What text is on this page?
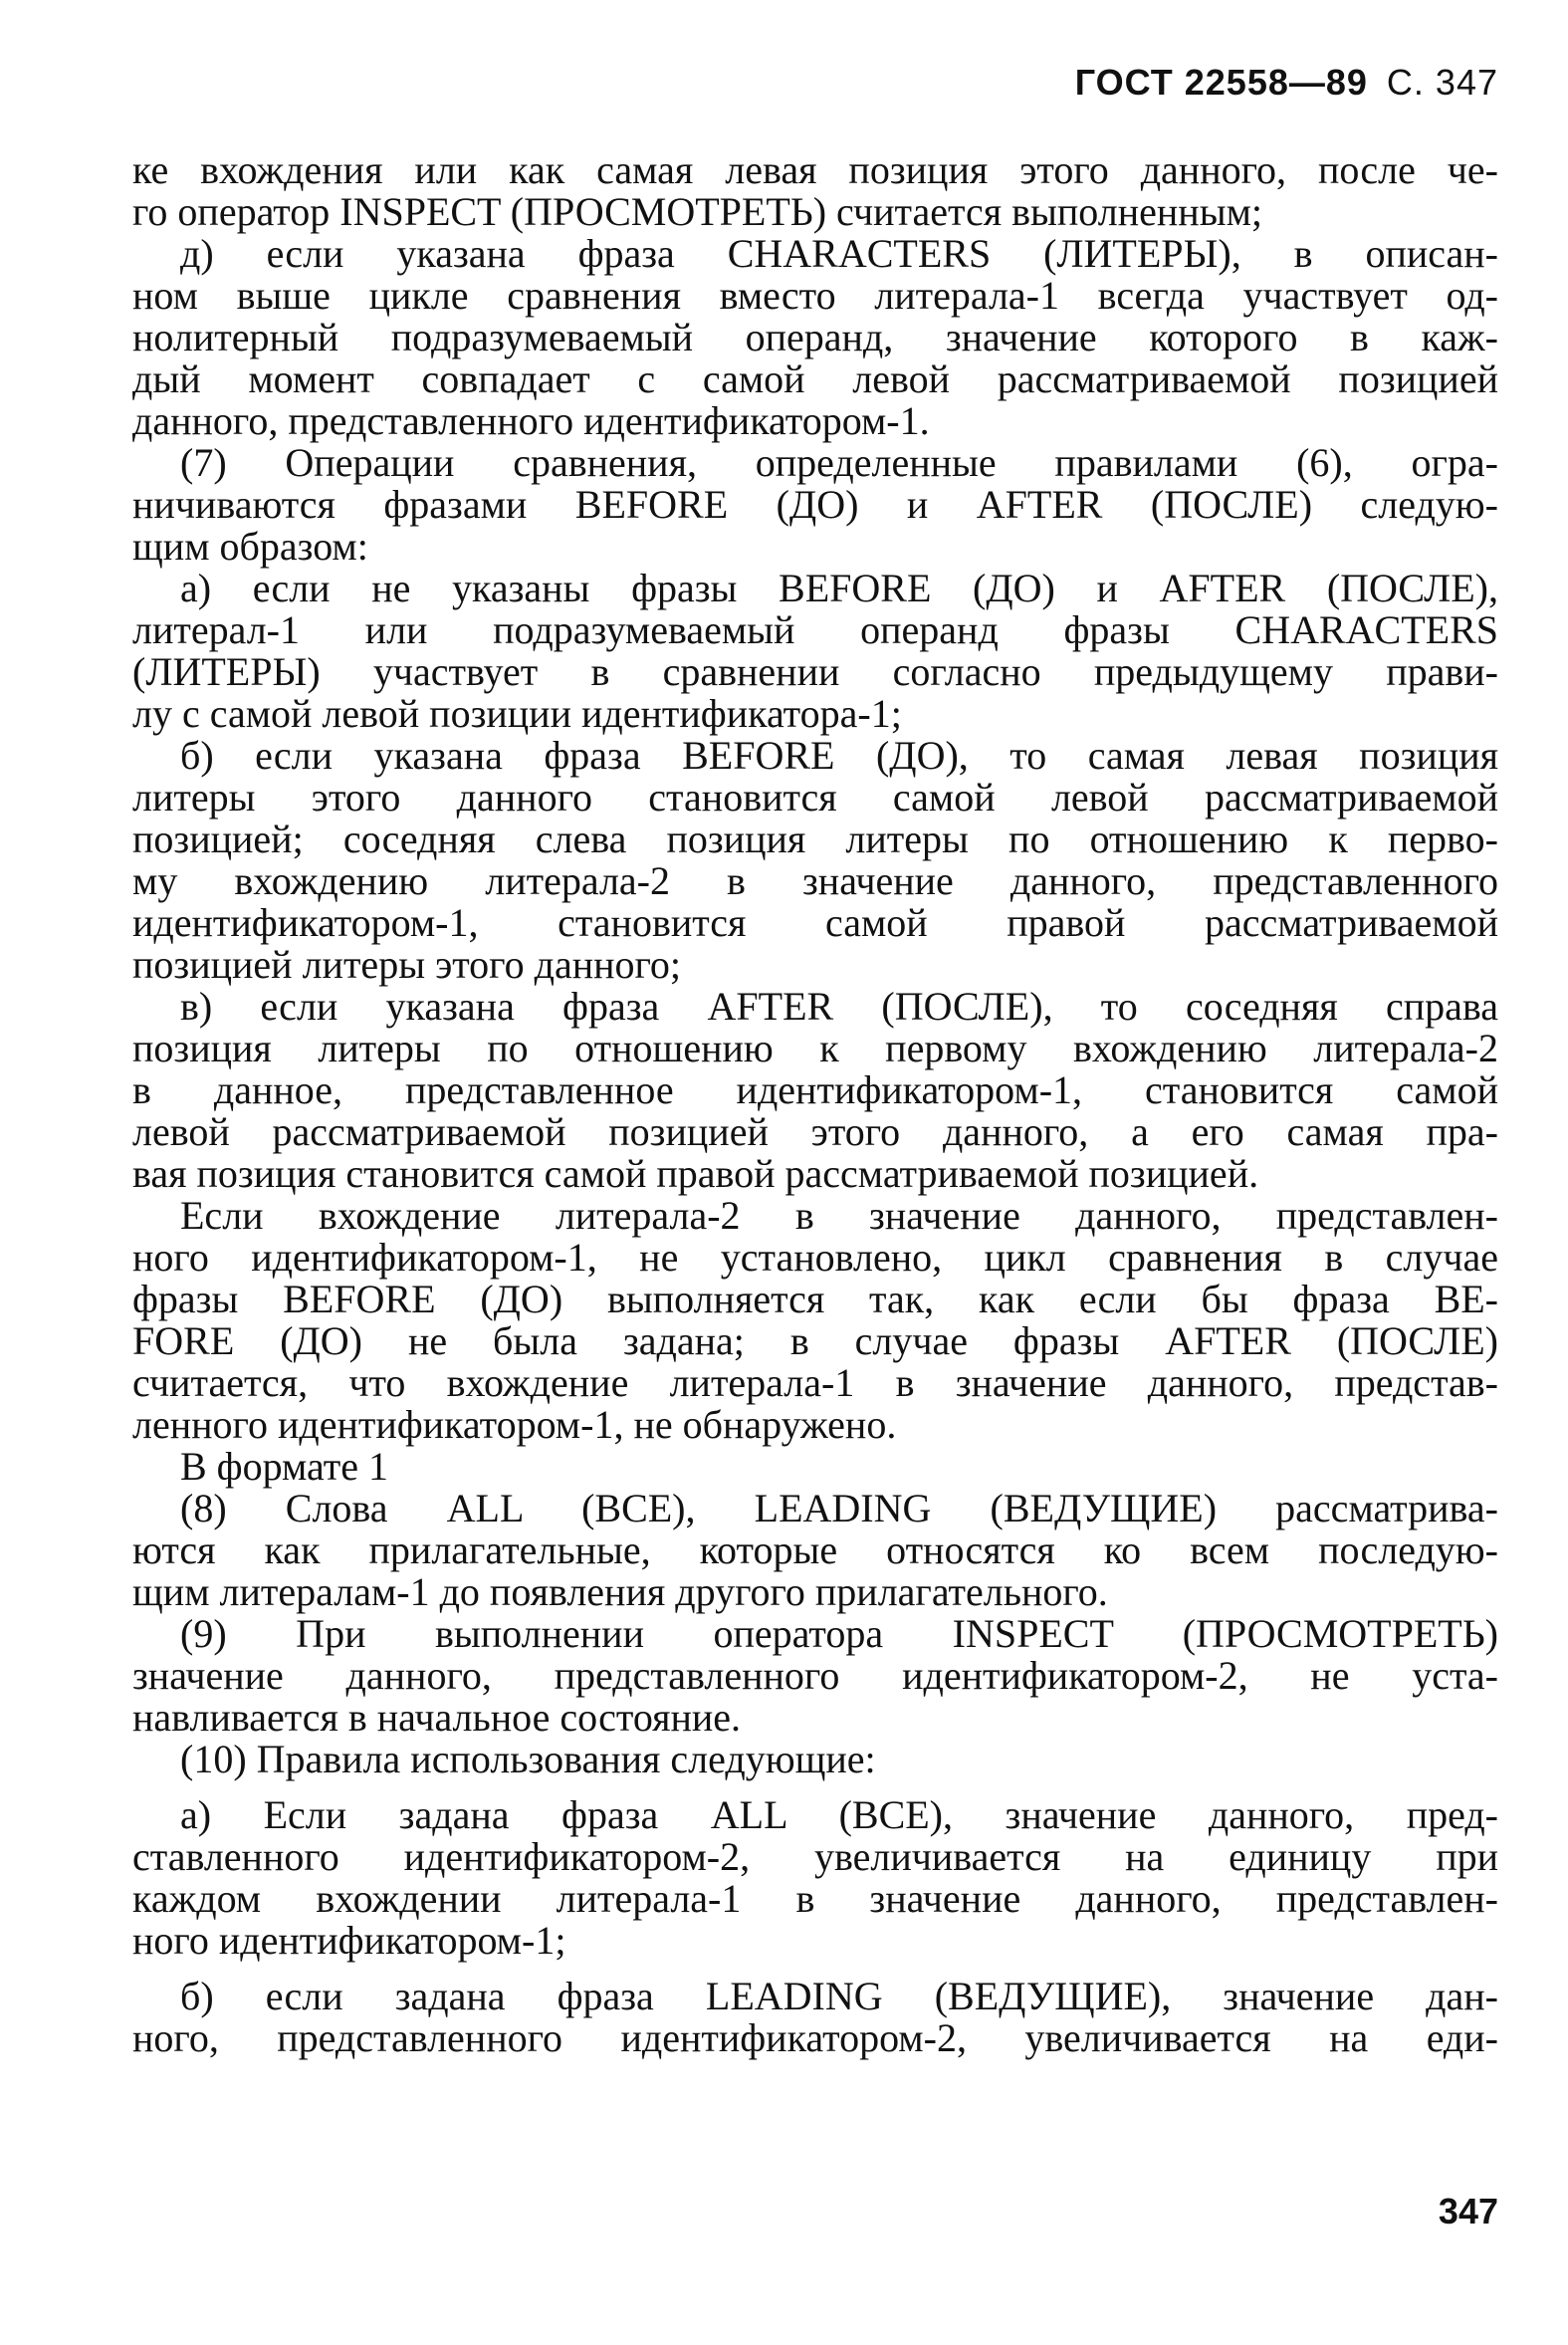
ГОСТ 22558—89 С. 347
ке вхождения или как самая левая позиция этого данного, после че-
го оператор INSPECT (ПРОСМОТРЕТЬ) считается выполненным;
д) если указана фраза CHARACTERS (ЛИТЕРЫ), в описан-
ном выше цикле сравнения вместо литерала-1 всегда участвует од-
нолитерный подразумеваемый операнд, значение которого в каж-
дый момент совпадает с самой левой рассматриваемой позицией
данного, представленного идентификатором-1.
(7) Операции сравнения, определенные правилами (6), огра-
ничиваются фразами BEFORE (ДО) и AFTER (ПОСЛЕ) следую-
щим образом:
а) если не указаны фразы BEFORE (ДО) и AFTER (ПОСЛЕ),
литерал-1 или подразумеваемый операнд фразы CHARACTERS
(ЛИТЕРЫ) участвует в сравнении согласно предыдущему прави-
лу с самой левой позиции идентификатора-1;
б) если указана фраза BEFORE (ДО), то самая левая позиция
литеры этого данного становится самой левой рассматриваемой
позицией; соседняя слева позиция литеры по отношению к перво-
му вхождению литерала-2 в значение данного, представленного
идентификатором-1, становится самой правой рассматриваемой
позицией литеры этого данного;
в) если указана фраза AFTER (ПОСЛЕ), то соседняя справа
позиция литеры по отношению к первому вхождению литерала-2
в данное, представленное идентификатором-1, становится самой
левой рассматриваемой позицией этого данного, а его самая пра-
вая позиция становится самой правой рассматриваемой позицией.
Если вхождение литерала-2 в значение данного, представлен-
ного идентификатором-1, не установлено, цикл сравнения в случае
фразы BEFORE (ДО) выполняется так, как если бы фраза BE-
FORE (ДО) не была задана; в случае фразы AFTER (ПОСЛЕ)
считается, что вхождение литерала-1 в значение данного, представ-
ленного идентификатором-1, не обнаружено.
В формате 1
(8) Слова ALL (ВСЕ), LEADING (ВЕДУЩИЕ) рассматрива-
ются как прилагательные, которые относятся ко всем последую-
щим литералам-1 до появления другого прилагательного.
(9) При выполнении оператора INSPECT (ПРОСМОТРЕТЬ)
значение данного, представленного идентификатором-2, не уста-
навливается в начальное состояние.
(10) Правила использования следующие:
а) Если задана фраза ALL (ВСЕ), значение данного, пред-
ставленного идентификатором-2, увеличивается на единицу при
каждом вхождении литерала-1 в значение данного, представлен-
ного идентификатором-1;
б) если задана фраза LEADING (ВЕДУЩИЕ), значение дан-
ного, представленного идентификатором-2, увеличивается на еди-
347
